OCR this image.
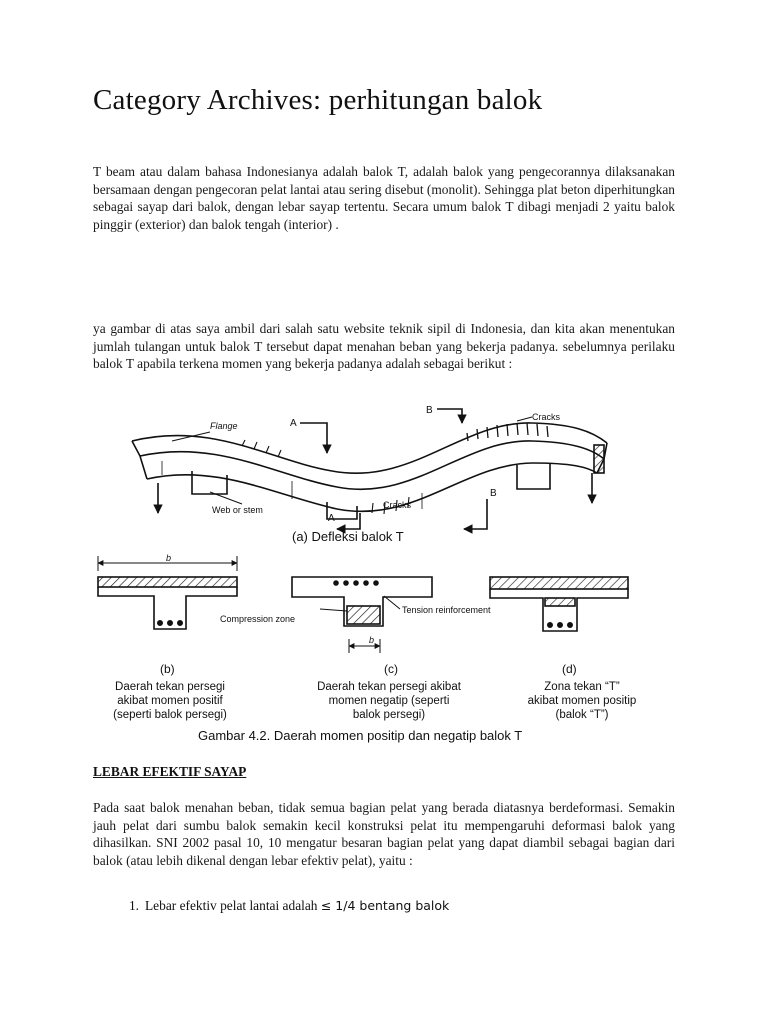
Category Archives: perhitungan balok

T beam atau dalam bahasa Indonesianya adalah balok T, adalah balok yang pengecorannya dilaksanakan bersamaan dengan pengecoran pelat lantai atau sering disebut (monolit). Sehingga plat beton diperhitungkan sebagai sayap dari balok, dengan lebar sayap tertentu. Secara umum balok T dibagi menjadi 2 yaitu balok pinggir (exterior) dan balok tengah (interior) .

ya gambar di atas saya ambil dari salah satu website teknik sipil di Indonesia, dan kita akan menentukan jumlah tulangan untuk balok T tersebut dapat menahan beban yang bekerja padanya. sebelumnya perilaku balok T apabila terkena momen yang bekerja padanya adalah sebagai berikut :

Flange
Cracks
Cracks
Web or stem
A
A
B
B
(a) Defleksi balok T
b
b
Compression zone
Tension reinforcement
(b)	(c)	(d)
Daerah tekan persegi
akibat momen positif
(seperti balok persegi)
Daerah tekan persegi akibat
momen negatip (seperti
balok persegi)
Zona tekan “T”
akibat momen positip
(balok “T”)
Gambar 4.2. Daerah momen positip dan negatip balok T
LEBAR EFEKTIF SAYAP

Pada saat balok menahan beban, tidak semua bagian pelat yang berada diatasnya berdeformasi. Semakin jauh pelat dari sumbu balok semakin kecil konstruksi pelat itu mempengaruhi deformasi balok yang dihasilkan. SNI 2002 pasal 10, 10 mengatur besaran bagian pelat yang dapat diambil sebagai bagian dari balok (atau lebih dikenal dengan lebar efektiv pelat), yaitu :

1. Lebar efektiv pelat lantai adalah ≤ 1/4 bentang balok
